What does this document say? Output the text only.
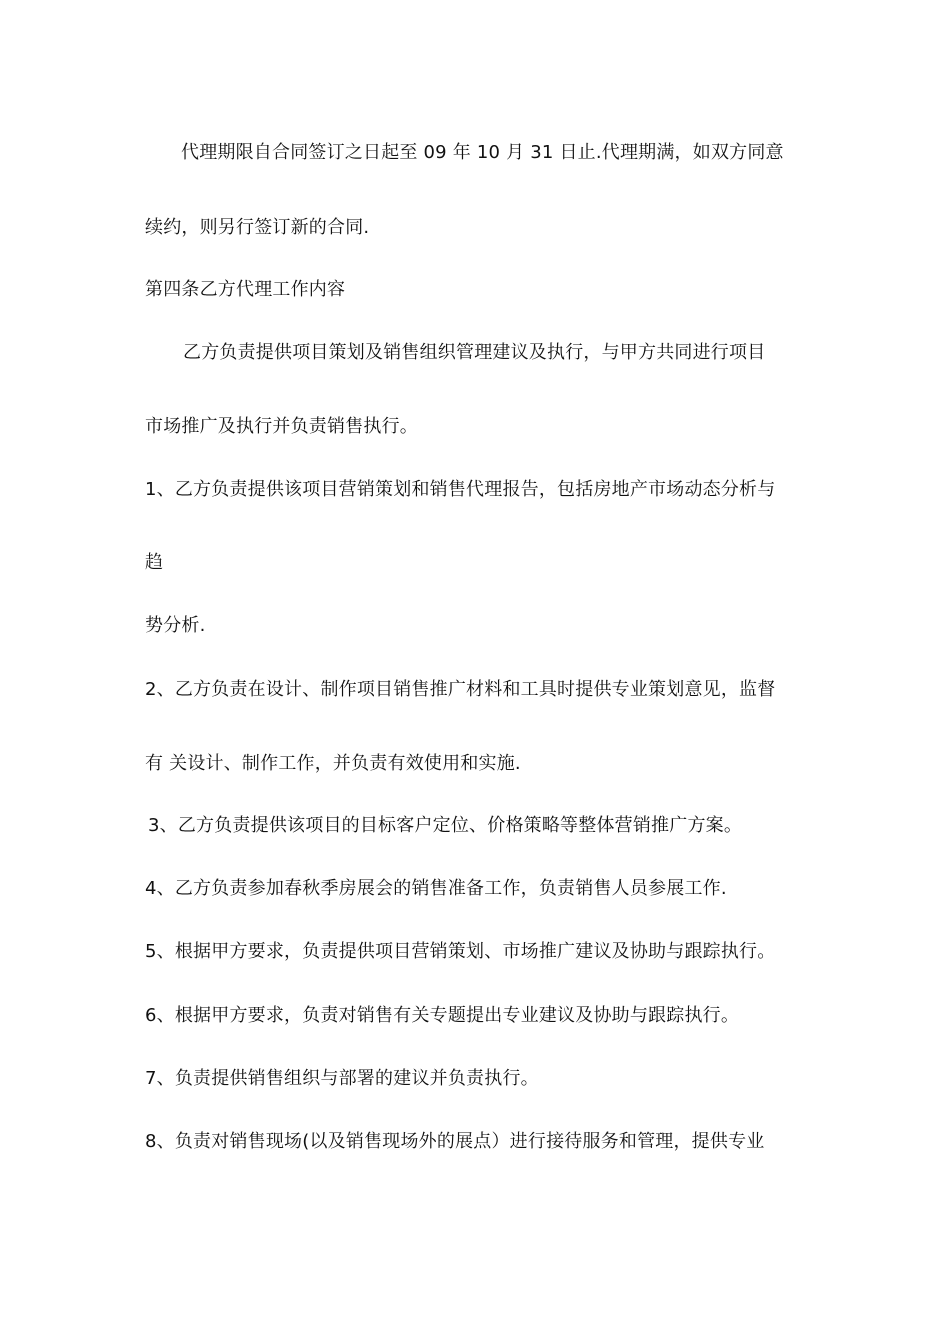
代理期限自合同签订之日起至 09 年 10 月 31 日止.代理期满，如双方同意
续约，则另行签订新的合同.
第四条乙方代理工作内容
乙方负责提供项目策划及销售组织管理建议及执行，与甲方共同进行项目
市场推广及执行并负责销售执行。
1、乙方负责提供该项目营销策划和销售代理报告，包括房地产市场动态分析与
趋
势分析.
2、乙方负责在设计、制作项目销售推广材料和工具时提供专业策划意见，监督
有 关设计、制作工作，并负责有效使用和实施.
3、乙方负责提供该项目的目标客户定位、价格策略等整体营销推广方案。
4、乙方负责参加春秋季房展会的销售准备工作，负责销售人员参展工作.
5、根据甲方要求，负责提供项目营销策划、市场推广建议及协助与跟踪执行。
6、根据甲方要求，负责对销售有关专题提出专业建议及协助与跟踪执行。
7、负责提供销售组织与部署的建议并负责执行。
8、负责对销售现场(以及销售现场外的展点）进行接待服务和管理，提供专业
